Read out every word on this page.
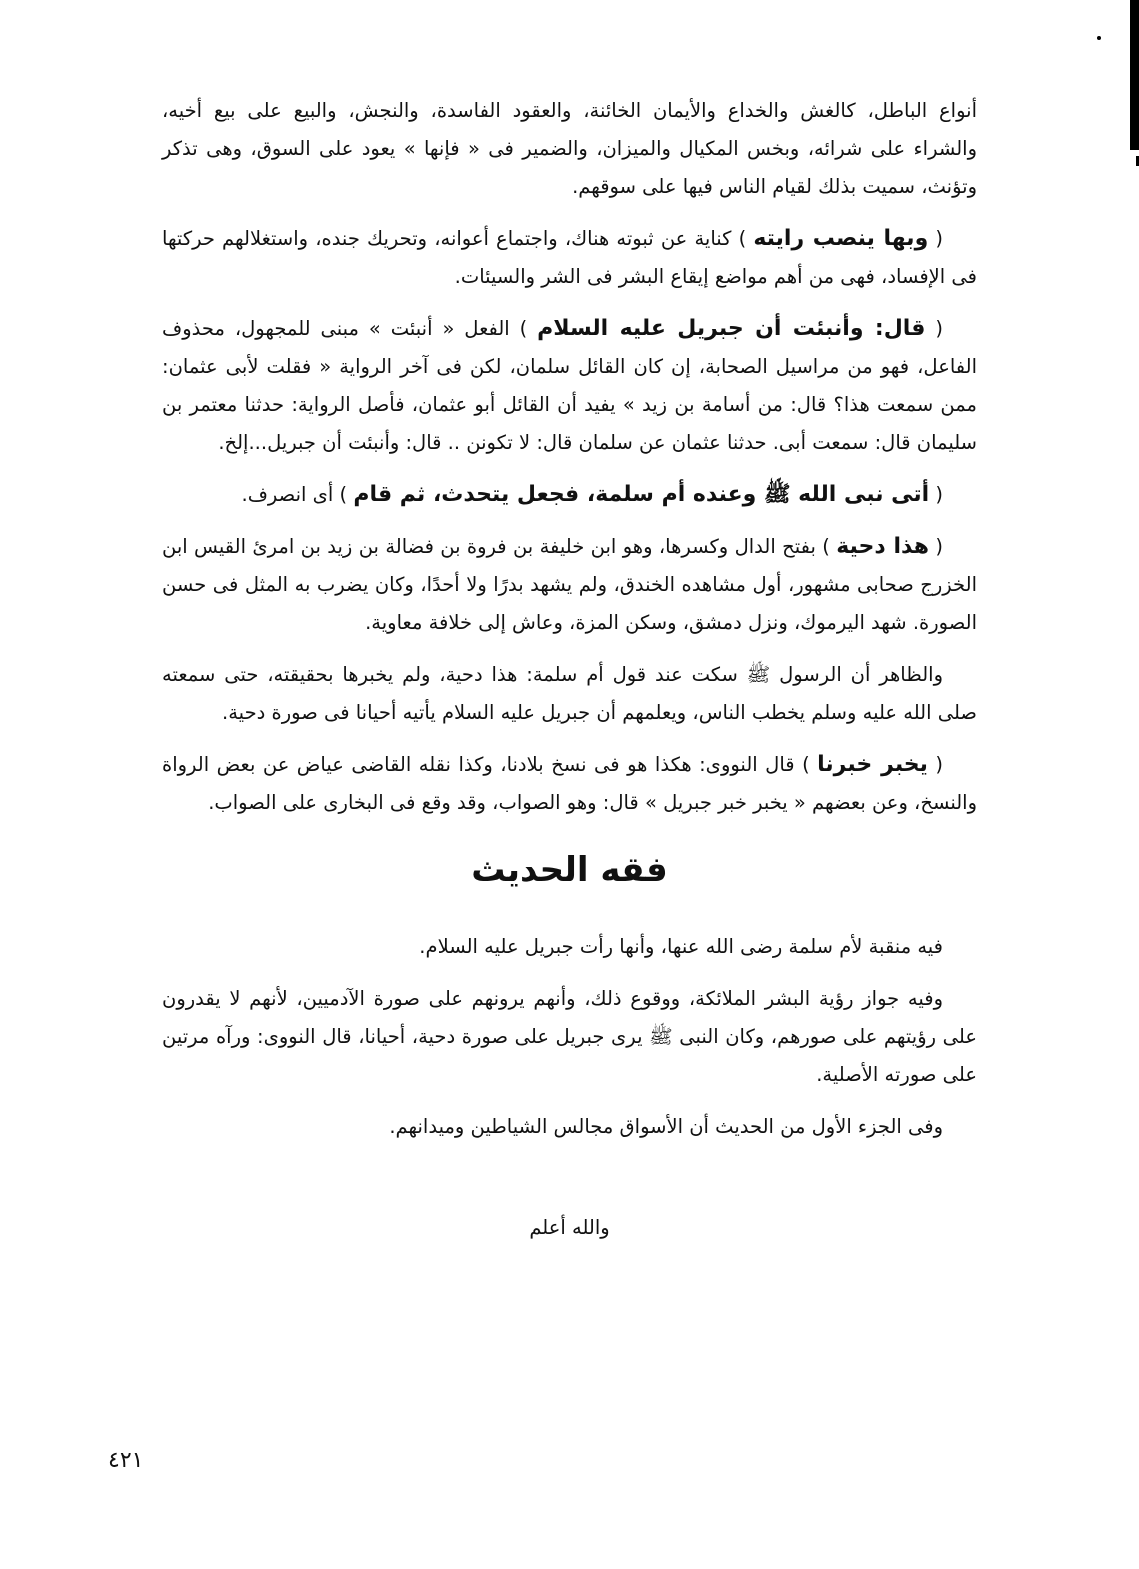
أنواع الباطل، كالغش والخداع والأيمان الخائنة، والعقود الفاسدة، والنجش، والبيع على بيع أخيه، والشراء على شرائه، وبخس المكيال والميزان، والضمير فى « فإنها » يعود على السوق، وهى تذكر وتؤنث، سميت بذلك لقيام الناس فيها على سوقهم.

( وبها ينصب رايته ) كناية عن ثبوته هناك، واجتماع أعوانه، وتحريك جنده، واستغلالهم حركتها فى الإفساد، فهى من أهم مواضع إيقاع البشر فى الشر والسيئات.

( قال: وأنبئت أن جبريل عليه السلام ) الفعل « أنبئت » مبنى للمجهول، محذوف الفاعل، فهو من مراسيل الصحابة، إن كان القائل سلمان، لكن فى آخر الرواية « فقلت لأبى عثمان: ممن سمعت هذا؟ قال: من أسامة بن زيد » يفيد أن القائل أبو عثمان، فأصل الرواية: حدثنا معتمر بن سليمان قال: سمعت أبى. حدثنا عثمان عن سلمان قال: لا تكونن .. قال: وأنبئت أن جبريل...إلخ.

( أتى نبى الله ﷺ وعنده أم سلمة، فجعل يتحدث، ثم قام ) أى انصرف.

( هذا دحية ) بفتح الدال وكسرها، وهو ابن خليفة بن فروة بن فضالة بن زيد بن امرئ القيس ابن الخزرج صحابى مشهور، أول مشاهده الخندق، ولم يشهد بدرًا ولا أحدًا، وكان يضرب به المثل فى حسن الصورة. شهد اليرموك، ونزل دمشق، وسكن المزة، وعاش إلى خلافة معاوية.

والظاهر أن الرسول ﷺ سكت عند قول أم سلمة: هذا دحية، ولم يخبرها بحقيقته، حتى سمعته صلى الله عليه وسلم يخطب الناس، ويعلمهم أن جبريل عليه السلام يأتيه أحيانا فى صورة دحية.

( يخبر خبرنا ) قال النووى: هكذا هو فى نسخ بلادنا، وكذا نقله القاضى عياض عن بعض الرواة والنسخ، وعن بعضهم « يخبر خبر جبريل » قال: وهو الصواب، وقد وقع فى البخارى على الصواب.

فقه الحديث

فيه منقبة لأم سلمة رضى الله عنها، وأنها رأت جبريل عليه السلام.

وفيه جواز رؤية البشر الملائكة، ووقوع ذلك، وأنهم يرونهم على صورة الآدميين، لأنهم لا يقدرون على رؤيتهم على صورهم، وكان النبى ﷺ يرى جبريل على صورة دحية، أحيانا، قال النووى: ورآه مرتين على صورته الأصلية.

وفى الجزء الأول من الحديث أن الأسواق مجالس الشياطين وميدانهم.

والله أعلم
٤٢١
